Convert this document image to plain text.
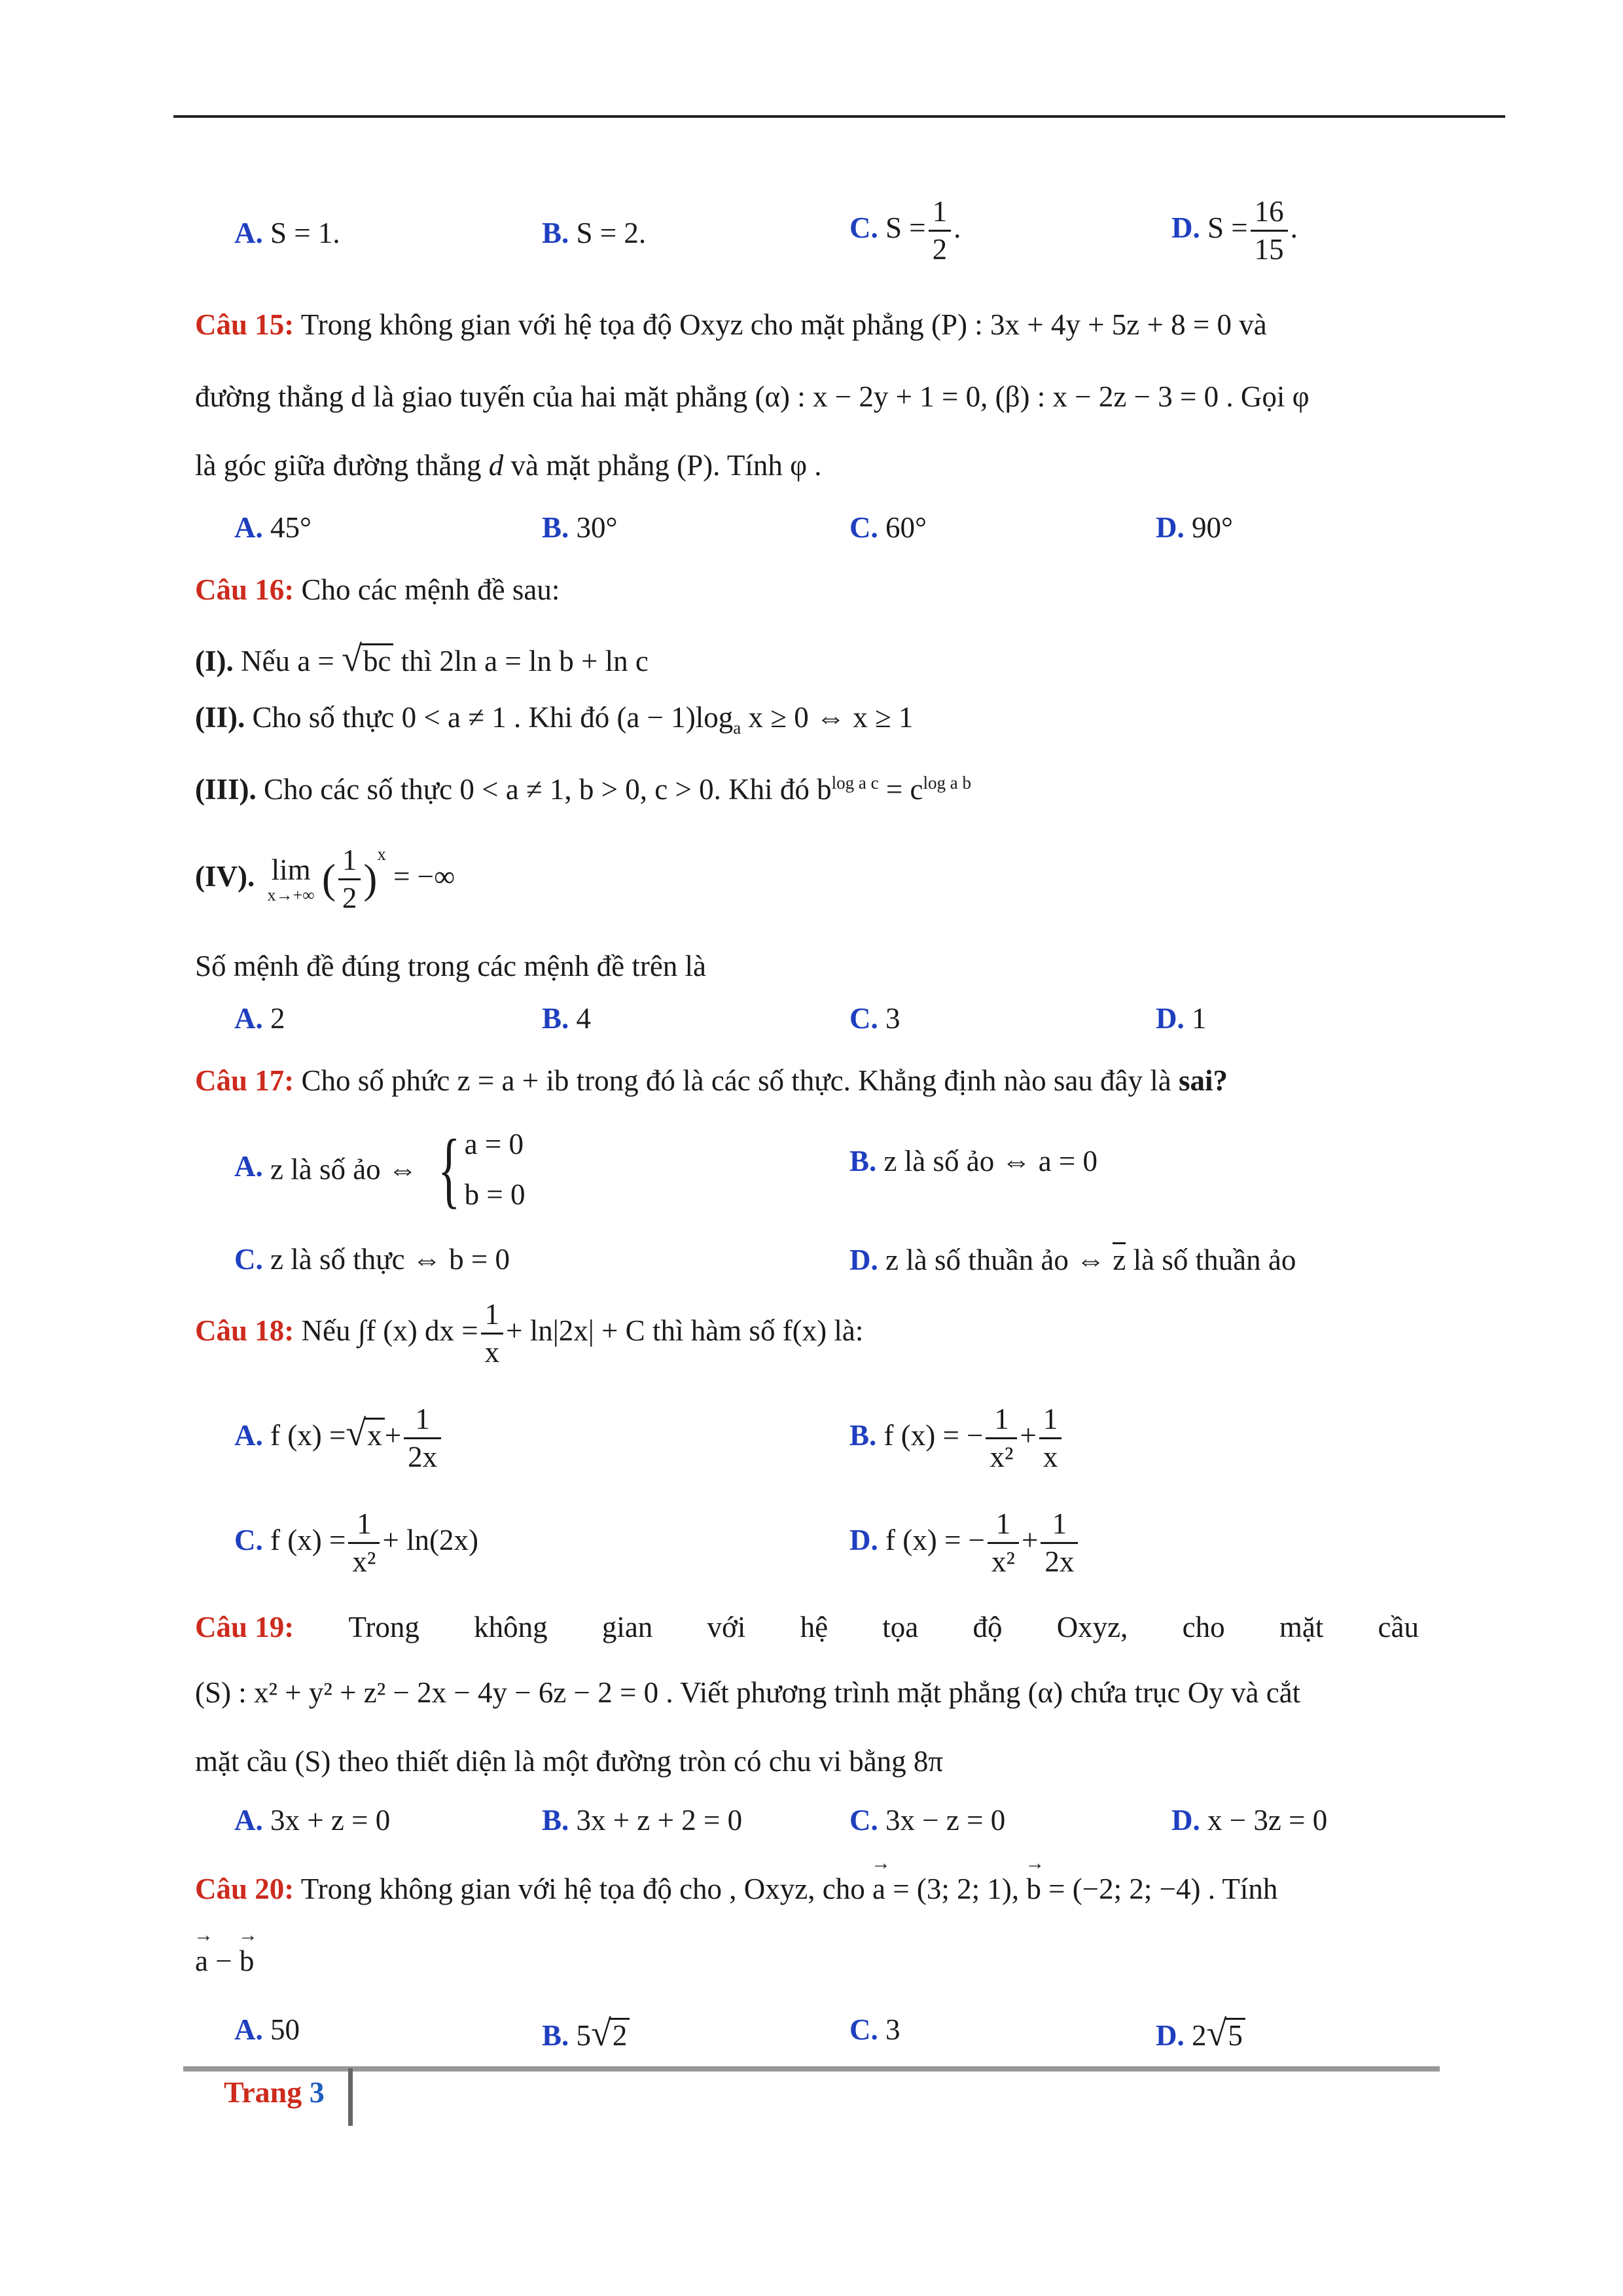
A. S = 1.	B. S = 2.	C. $S = \frac{1}{2}$ .	D. $S = \frac{16}{15}$ .
Câu 15: Trong không gian với hệ tọa độ Oxyz cho mặt phẳng (P) : 3x + 4y + 5z + 8 = 0 và
đường thẳng d là giao tuyến của hai mặt phẳng (α) : x − 2y + 1 = 0, (β) : x − 2z − 3 = 0 . Gọi φ
là góc giữa đường thẳng d và mặt phẳng (P). Tính φ .
A. 45°	B. 30°	C. 60°	D. 90°
Câu 16: Cho các mệnh đề sau:
(I). Nếu a = √bc thì 2ln a = ln b + ln c
(II). Cho số thực 0 < a ≠ 1 . Khi đó $(a - 1)\log_a$ x ≥ 0 ⇔ x ≥ 1
(III). Cho các số thực 0 < a ≠ 1, b > 0, c > 0. Khi đó $b^{log a c} = c^{log a b}$
(IV). lim
x→+∞ ( $\frac{1}{2} )^x$ = −∞
Số mệnh đề đúng trong các mệnh đề trên là
A. 2	B. 4	C. 3	D. 1
Câu 17: Cho số phức z = a + ib trong đó là các số thực. Khẳng định nào sau đây là sai?
A. z là số ảo ⇔ { a = 0
b = 0
B. z là số ảo ⇔ a = 0
C. z là số thực ⇔ b = 0	D. z là số thuần ảo ⇔ z là số thuần ảo
Câu 18: Nếu ∫f (x) dx = $\frac{1}{x} + \ln|2x| + C$ thì hàm số f(x) là:
A. f $(x) =√x+ \frac{1}{2x}$	B. f (x) = − $\frac{1}{\text{x²}} + \frac{1}{x}$
C. f $(x) = \frac{1}{\text{x²}} + \ln(2x)$	D. f (x) = − $\frac{1}{\text{x²}} + \frac{1}{2x}$
Câu 19: Trong không gian với hệ tọa độ Oxyz, cho mặt cầu
(S) : x² + y² + z² − 2x − 4y − 6z − 2 = 0 . Viết phương trình mặt phẳng (α) chứa trục Oy và cắt
mặt cầu (S) theo thiết diện là một đường tròn có chu vi bằng 8π
A. 3x + z = 0	B. 3x + z + 2 = 0	C. 3x − z = 0	D. x − 3z = 0
Câu 20: Trong không gian với hệ tọa độ cho , Oxyz, cho → a = (3; 2; 1), → b = (−2; 2; −4) . Tính
→ a − → b
A. 50	B. 5√2	C. 3	D. 2√5
Trang 3
